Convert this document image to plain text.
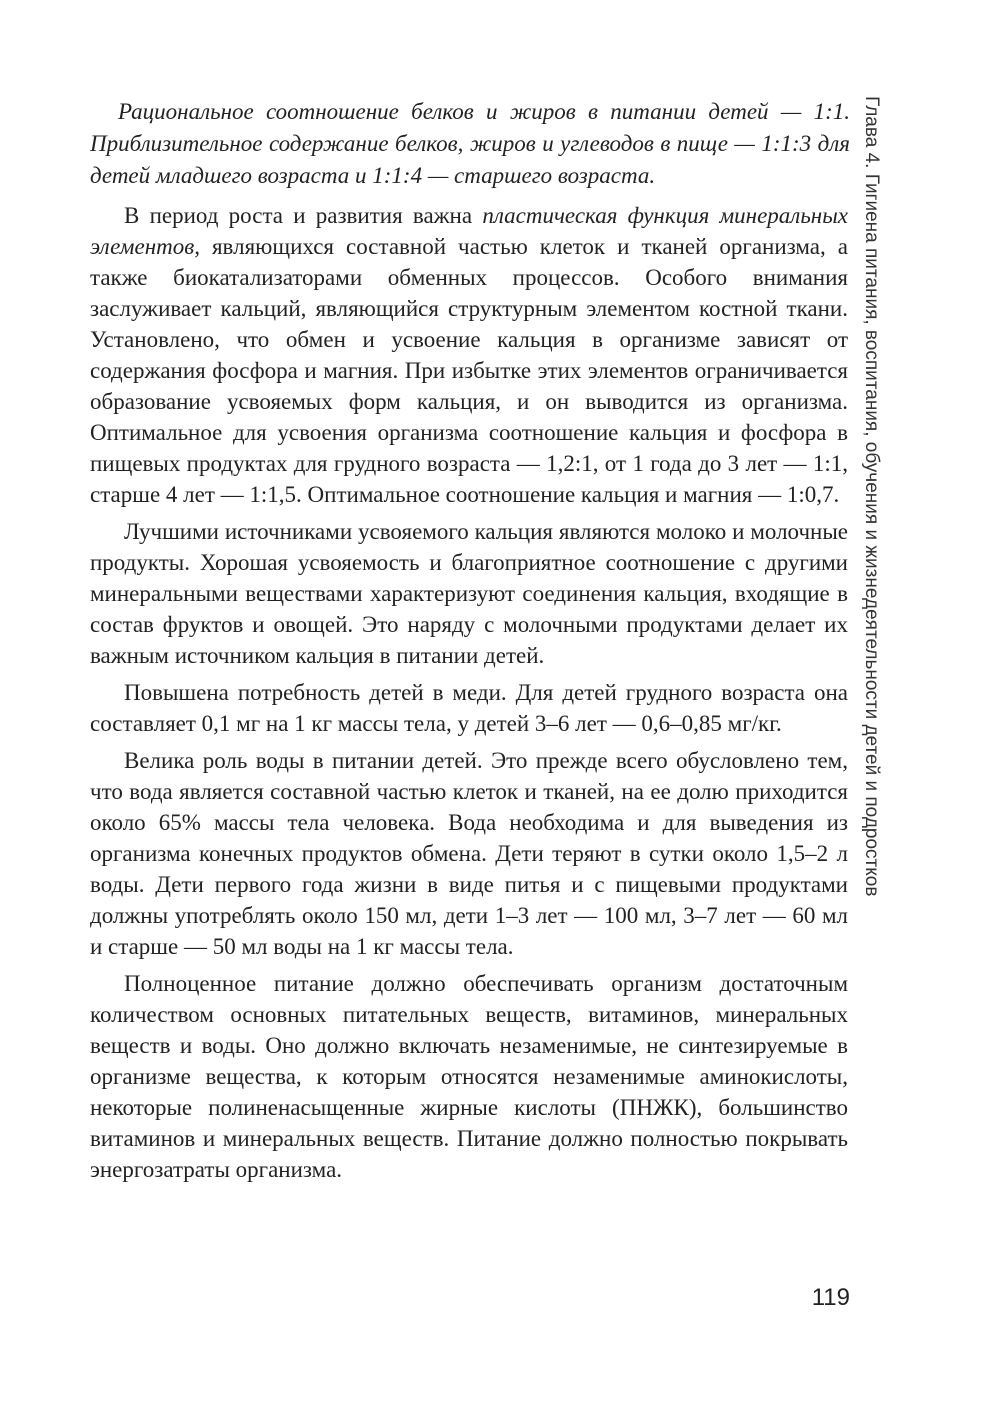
Рациональное соотношение белков и жиров в питании детей — 1:1. Приблизительное содержание белков, жиров и углеводов в пище — 1:1:3 для детей младшего возраста и 1:1:4 — старшего возраста.

В период роста и развития важна пластическая функция минеральных элементов, являющихся составной частью клеток и тканей организма, а также биокатализаторами обменных процессов. Особого внимания заслуживает кальций, являющийся структурным элементом костной ткани. Установлено, что обмен и усвоение кальция в организме зависят от содержания фосфора и магния. При избытке этих элементов ограничивается образование усвояемых форм кальция, и он выводится из организма. Оптимальное для усвоения организма соотношение кальция и фосфора в пищевых продуктах для грудного возраста — 1,2:1, от 1 года до 3 лет — 1:1, старше 4 лет — 1:1,5. Оптимальное соотношение кальция и магния — 1:0,7.

Лучшими источниками усвояемого кальция являются молоко и молочные продукты. Хорошая усвояемость и благоприятное соотношение с другими минеральными веществами характеризуют соединения кальция, входящие в состав фруктов и овощей. Это наряду с молочными продуктами делает их важным источником кальция в питании детей.

Повышена потребность детей в меди. Для детей грудного возраста она составляет 0,1 мг на 1 кг массы тела, у детей 3–6 лет — 0,6–0,85 мг/кг.

Велика роль воды в питании детей. Это прежде всего обусловлено тем, что вода является составной частью клеток и тканей, на ее долю приходится около 65% массы тела человека. Вода необходима и для выведения из организма конечных продуктов обмена. Дети теряют в сутки около 1,5–2 л воды. Дети первого года жизни в виде питья и с пищевыми продуктами должны употреблять около 150 мл, дети 1–3 лет — 100 мл, 3–7 лет — 60 мл и старше — 50 мл воды на 1 кг массы тела.

Полноценное питание должно обеспечивать организм достаточным количеством основных питательных веществ, витаминов, минеральных веществ и воды. Оно должно включать незаменимые, не синтезируемые в организме вещества, к которым относятся незаменимые аминокислоты, некоторые полиненасыщенные жирные кислоты (ПНЖК), большинство витаминов и минеральных веществ. Питание должно полностью покрывать энергозатраты организма.

Глава 4. Гигиена питания, воспитания, обучения и жизнедеятельности детей и подростков
119
